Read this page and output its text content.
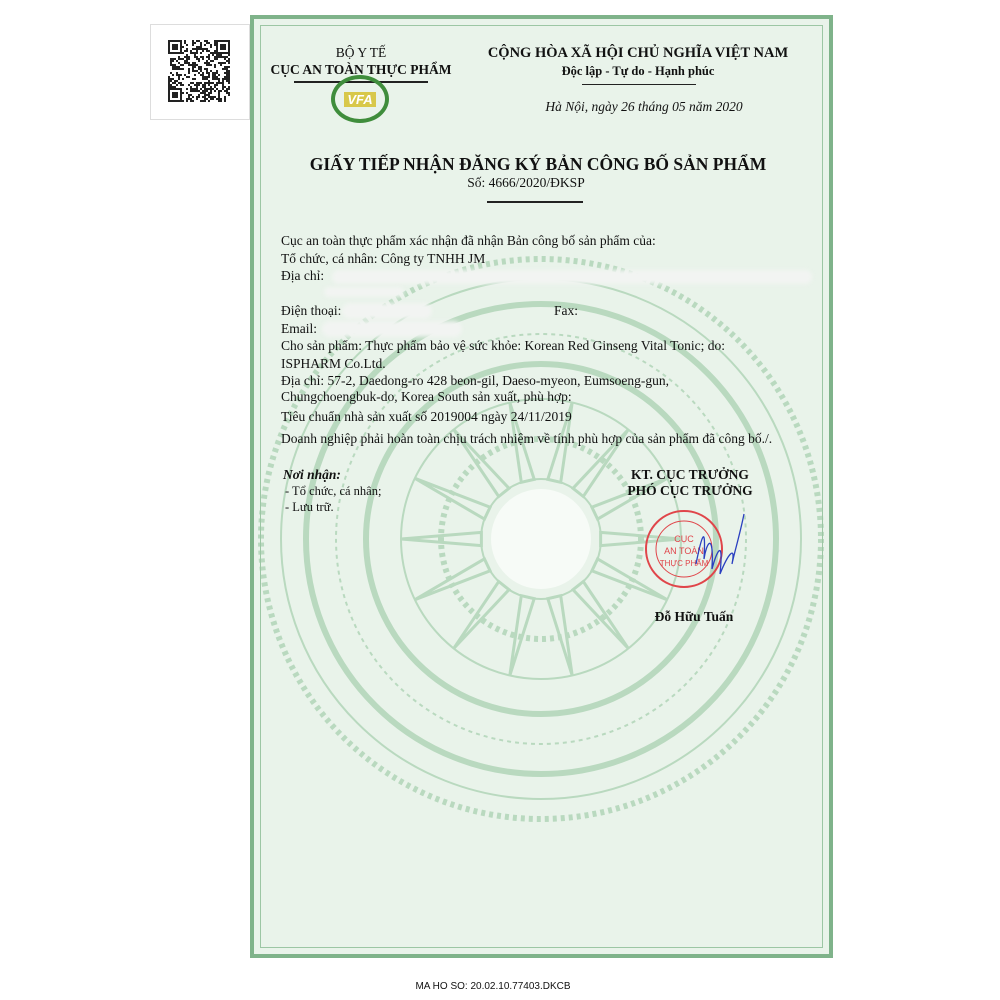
BỘ Y TẾ
CỤC AN TOÀN THỰC PHẨM
VFA
CỘNG HÒA XÃ HỘI CHỦ NGHĨA VIỆT NAM
Độc lập - Tự do - Hạnh phúc
Hà Nội, ngày 26 tháng 05 năm 2020
GIẤY TIẾP NHẬN ĐĂNG KÝ BẢN CÔNG BỐ SẢN PHẨM
Số: 4666/2020/ĐKSP
Cục an toàn thực phẩm xác nhận đã nhận Bản công bố sản phẩm của:
Tổ chức, cá nhân: Công ty TNHH JM
Địa chỉ:
Điện thoại:	Fax:
Email:
Cho sản phẩm: Thực phẩm bảo vệ sức khỏe: Korean Red Ginseng Vital Tonic; do:
ISPHARM Co.Ltd.
Địa chỉ: 57-2, Daedong-ro 428 beon-gil, Daeso-myeon, Eumsoeng-gun,
Chungchoengbuk-do, Korea South sản xuất, phù hợp:
Tiêu chuẩn nhà sản xuất số 2019004 ngày 24/11/2019
Doanh nghiệp phải hoàn toàn chịu trách nhiệm về tính phù hợp của sản phẩm đã công bố./.
Nơi nhận:
- Tổ chức, cá nhân;
- Lưu trữ.
KT. CỤC TRƯỞNG
PHÓ CỤC TRƯỞNG
CỤC
AN TOÀN
THỰC PHẨM
Đỗ Hữu Tuấn
MA HO SO: 20.02.10.77403.DKCB
